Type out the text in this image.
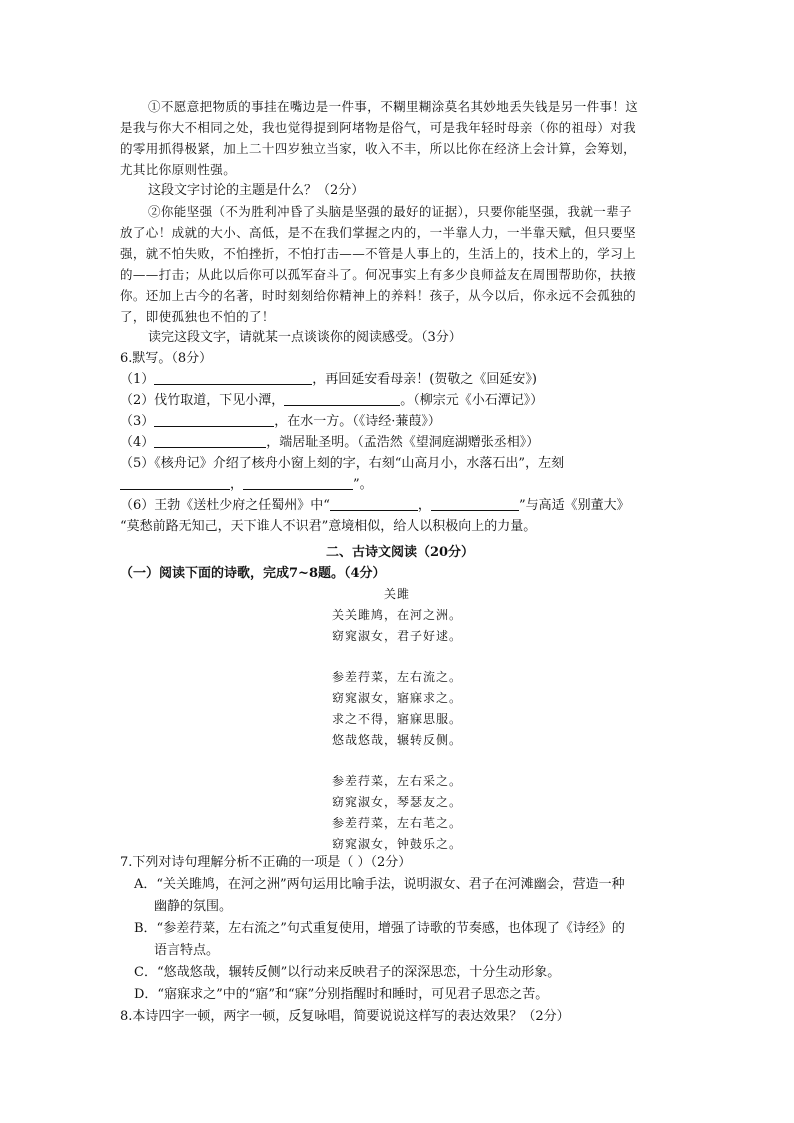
①不愿意把物质的事挂在嘴边是一件事，不糊里糊涂莫名其妙地丢失钱是另一件事！这
是我与你大不相同之处，我也觉得提到阿堵物是俗气，可是我年轻时母亲（你的祖母）对我
的零用抓得极紧，加上二十四岁独立当家，收入不丰，所以比你在经济上会计算，会筹划，
尤其比你原则性强。
这段文字讨论的主题是什么？（2分）
②你能坚强（不为胜利冲昏了头脑是坚强的最好的证据），只要你能坚强，我就一辈子
放了心！成就的大小、高低，是不在我们掌握之内的，一半靠人力，一半靠天赋，但只要坚
强，就不怕失败，不怕挫折，不怕打击——不管是人事上的，生活上的，技术上的，学习上
的——打击；从此以后你可以孤军奋斗了。何况事实上有多少良师益友在周围帮助你，扶掖
你。还加上古今的名著，时时刻刻给你精神上的养料！孩子，从今以后，你永远不会孤独的
了，即使孤独也不怕的了！
读完这段文字，请就某一点谈谈你的阅读感受。（3分）
6.默写。（8分）
（1）	，再回延安看母亲！(贺敬之《回延安》)
（2）伐竹取道，下见小潭，	。（柳宗元《小石潭记》）
（3）	，在水一方。（《诗经·蒹葭》）
（4）	，端居耻圣明。（孟浩然《望洞庭湖赠张丞相》）
（5）《核舟记》介绍了核舟小窗上刻的字，右刻“山高月小，水落石出”，左刻
，	”。
（6）王勃《送杜少府之任蜀州》中“	，	”与高适《别董大》
“莫愁前路无知己，天下谁人不识君”意境相似，给人以积极向上的力量。
二、古诗文阅读（20分）
（一）阅读下面的诗歌，完成7~8题。（4分）
关雎
关关雎鸠，在河之洲。
窈窕淑女，君子好逑。
参差荇菜，左右流之。
窈窕淑女，寤寐求之。
求之不得，寤寐思服。
悠哉悠哉，辗转反侧。
参差荇菜，左右采之。
窈窕淑女，琴瑟友之。
参差荇菜，左右芼之。
窈窕淑女，钟鼓乐之。
7.下列对诗句理解分析不正确的一项是（ ）（2分）
A．“关关雎鸠，在河之洲”两句运用比喻手法，说明淑女、君子在河滩幽会，营造一种
幽静的氛围。
B．“参差荇菜，左右流之”句式重复使用，增强了诗歌的节奏感，也体现了《诗经》的
语言特点。
C．“悠哉悠哉，辗转反侧”以行动来反映君子的深深思恋，十分生动形象。
D．“寤寐求之”中的“寤”和“寐”分别指醒时和睡时，可见君子思恋之苦。
8.本诗四字一顿，两字一顿，反复咏唱，简要说说这样写的表达效果？（2分）
